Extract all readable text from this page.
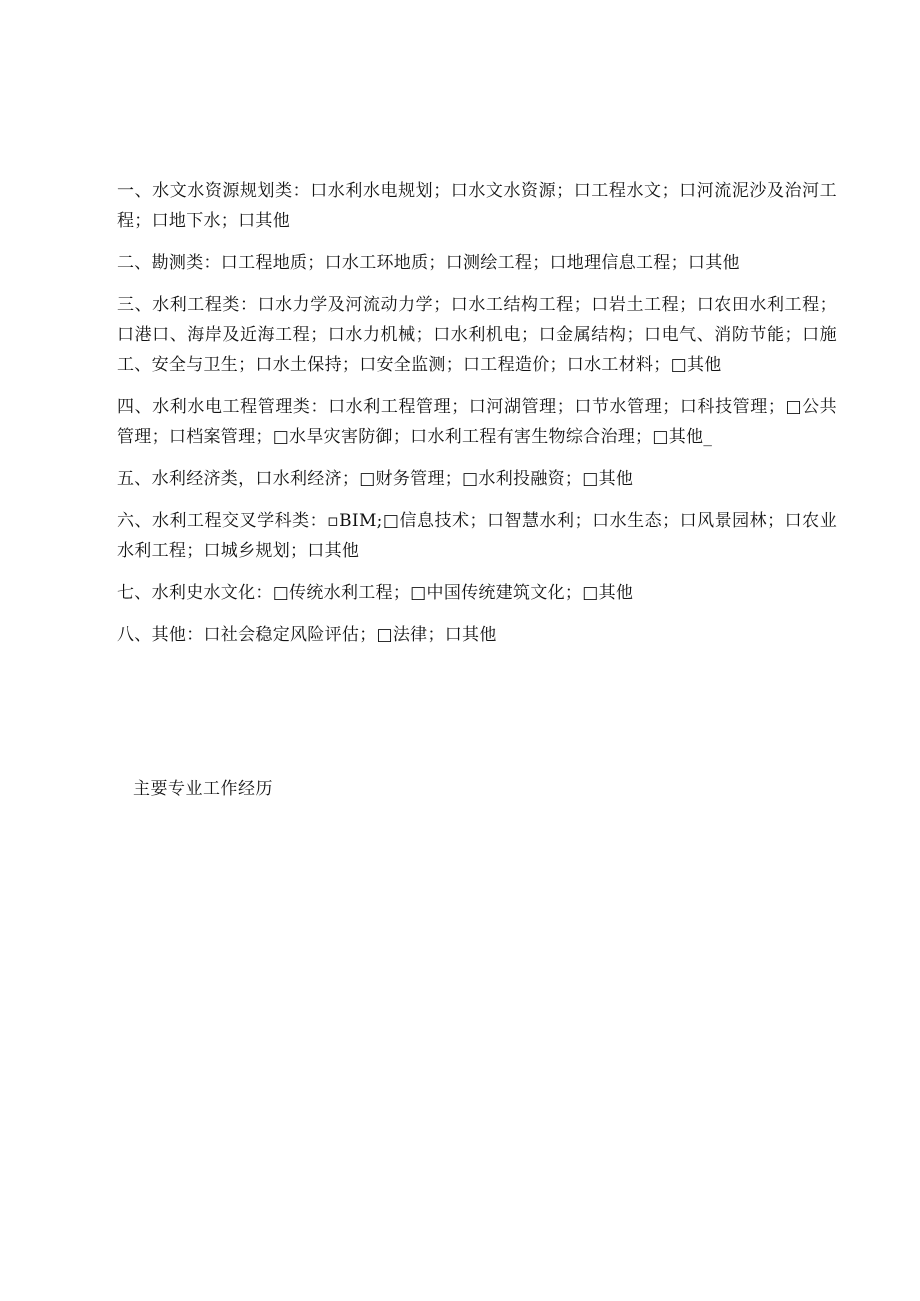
一、水文水资源规划类：口水利水电规划；口水文水资源；口工程水文；口河流泥沙及治河工程；口地下水；口其他

二、勘测类：口工程地质；口水工环地质；口测绘工程；口地理信息工程；口其他

三、水利工程类：口水力学及河流动力学；口水工结构工程；口岩土工程；口农田水利工程；口港口、海岸及近海工程；口水力机械；口水利机电；口金属结构；口电气、消防节能；口施工、安全与卫生；口水土保持；口安全监测；口工程造价；口水工材料；□其他

四、水利水电工程管理类：口水利工程管理；口河湖管理；口节水管理；口科技管理；□公共管理；口档案管理；□水旱灾害防御；口水利工程有害生物综合治理；□其他_

五、水利经济类，口水利经济；□财务管理；□水利投融资；□其他

六、水利工程交叉学科类：▫BIM;□信息技术；口智慧水利；口水生态；口风景园林；口农业水利工程；口城乡规划；口其他

七、水利史水文化：□传统水利工程；□中国传统建筑文化；□其他

八、其他：口社会稳定风险评估；□法律；口其他

主要专业工作经历
